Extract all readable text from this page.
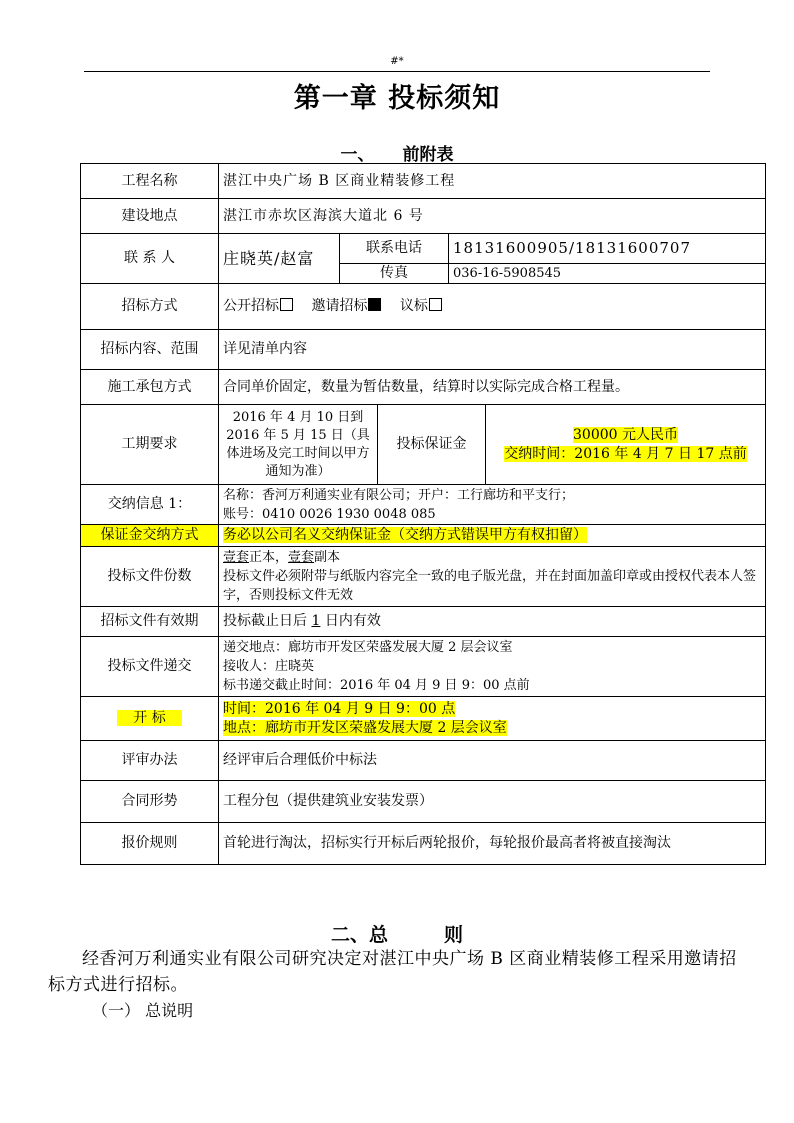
#*
第一章 投标须知
一、 前附表
工程名称	湛江中央广场 B 区商业精装修工程				
建设地点	湛江市赤坎区海滨大道北 6 号				
联 系 人	庄晓英/赵富	联系电话		18131600905/18131600707	
		传真		036-16-5908545	
招标方式	公开招标 邀请招标 议标				
招标内容、范围	详见清单内容				
施工承包方式	合同单价固定，数量为暂估数量，结算时以实际完成合格工程量。				
工期要求	2016 年 4 月 10 日到 2016 年 5 月 15 日（具体进场及完工时间以甲方通知为准）		投标保证金		30000 元人民币
交纳时间：2016 年 4 月 7 日 17 点前

交纳信息 1：	名称：香河万利通实业有限公司；开户：工行廊坊和平支行；
账号：0410 0026 1930 0048 085				

保证金交纳方式	务必以公司名义交纳保证金（交纳方式错误甲方有权扣留）				
投标文件份数	壹套正本，壹套副本
投标文件必须附带与纸版内容完全一致的电子版光盘，并在封面加盖印章或由授权代表本人签字，否则投标文件无效				

招标文件有效期	投标截止日后 1 日内有效				
投标文件递交	递交地点：廊坊市开发区荣盛发展大厦 2 层会议室
接收人：庄晓英
标书递交截止时间：2016 年 04 月 9 日 9：00 点前				

开 标	时间：2016 年 04 月 9 日 9：00 点
地点：廊坊市开发区荣盛发展大厦 2 层会议室				

评审办法	经评审后合理低价中标法				
合同形势	工程分包（提供建筑业安装发票）				
报价规则	首轮进行淘汰，招标实行开标后两轮报价，每轮报价最高者将被直接淘汰				
二、总	则
经香河万利通实业有限公司研究决定对湛江中央广场 B 区商业精装修工程采用邀请招标方式进行招标。
（一） 总说明
